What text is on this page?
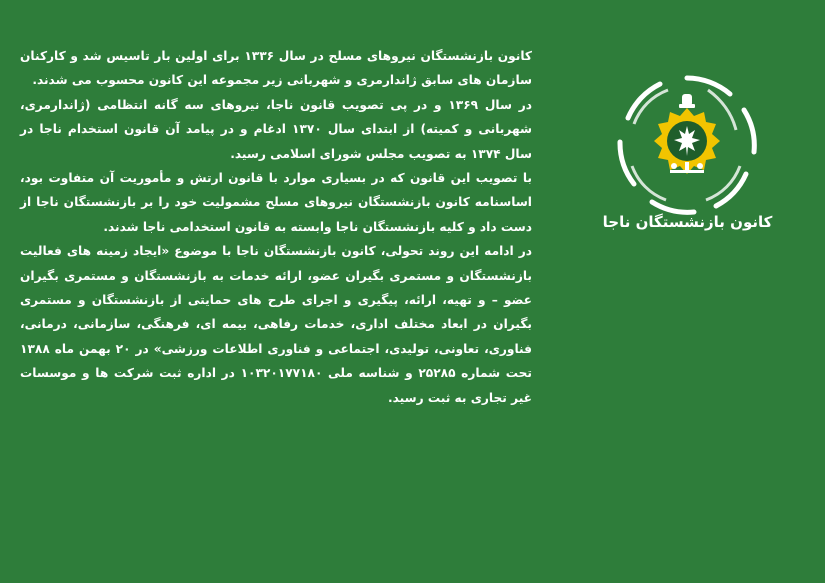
کانون بازنشستگان نیروهای مسلح در سال ۱۳۳۶ برای اولین بار تاسیس شد و کارکنان سازمان های سابق ژاندارمری و شهربانی زیر مجموعه این کانون محسوب می شدند.

در سال ۱۳۶۹ و در پی تصویب قانون ناجا، نیروهای سه گانه انتظامی (ژاندارمری، شهربانی و کمیته) از ابتدای سال ۱۳۷۰ ادغام و در پیامد آن قانون استخدام ناجا در سال ۱۳۷۴ به تصویب مجلس شورای اسلامی رسید.

با تصویب این قانون که در بسیاری موارد با قانون ارتش و مأموریت آن متفاوت بود، اساسنامه کانون بازنشستگان نیروهای مسلح مشمولیت خود را بر بازنشستگان ناجا از دست داد و کلیه بازنشستگان ناجا وابسته به قانون استخدامی ناجا شدند.

در ادامه این روند تحولی، کانون بازنشستگان ناجا با موضوع «ایجاد زمینه های فعالیت بازنشستگان و مستمری بگیران عضو، ارائه خدمات به بازنشستگان و مستمری بگیران عضو – و تهیه، ارائه، پیگیری و اجرای طرح های حمایتی از بازنشستگان و مستمری بگیران در ابعاد مختلف اداری، خدمات رفاهی، بیمه ای، فرهنگی، سازمانی، درمانی، فناوری، تعاونی، تولیدی، اجتماعی و فناوری اطلاعات ورزشی» در ۲۰ بهمن ماه ۱۳۸۸ تحت شماره ۲۵۲۸۵ و شناسه ملی ۱۰۳۲۰۱۷۷۱۸۰ در اداره ثبت شرکت ها و موسسات غیر تجاری به ثبت رسید.

کانون بازنشستگان ناجا
